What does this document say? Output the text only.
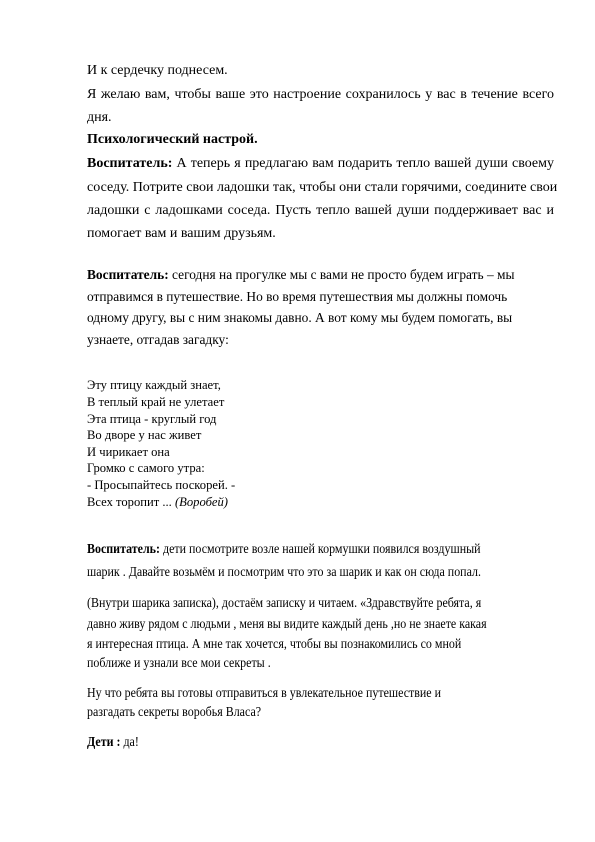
И к сердечку поднесем.

Я желаю вам, чтобы ваше это настроение сохранилось у вас в течение всего

дня.

Психологический настрой.

Воспитатель: А теперь я предлагаю вам подарить тепло вашей души своему

соседу. Потрите свои ладошки так, чтобы они стали горячими, соедините свои

ладошки с ладошками соседа. Пусть тепло вашей души поддерживает вас и

помогает вам и вашим друзьям.

Воспитатель: сегодня на прогулке мы с вами не просто будем играть – мы

отправимся в путешествие. Но во время путешествия мы должны помочь

одному другу, вы с ним знакомы давно. А вот кому мы будем помогать, вы

узнаете, отгадав загадку:

Эту птицу каждый знает,

В теплый край не улетает

Эта птица - круглый год

Во дворе у нас живет

И чирикает она

Громко с самого утра:

- Просыпайтесь поскорей. -

Всех торопит ... (Воробей)

Воспитатель: дети посмотрите возле нашей кормушки появился воздушный

шарик . Давайте возьмём и посмотрим что это за шарик и как он сюда попал.

(Внутри шарика записка), достаём записку и читаем. «Здравствуйте ребята, я

давно живу рядом с людьми , меня вы видите каждый день ,но не знаете какая

я интересная птица. А мне так хочется, чтобы вы познакомились со мной

поближе и узнали все мои секреты .

Ну что ребята вы готовы отправиться в увлекательное путешествие и

разгадать секреты воробья Власа?

Дети : да!
